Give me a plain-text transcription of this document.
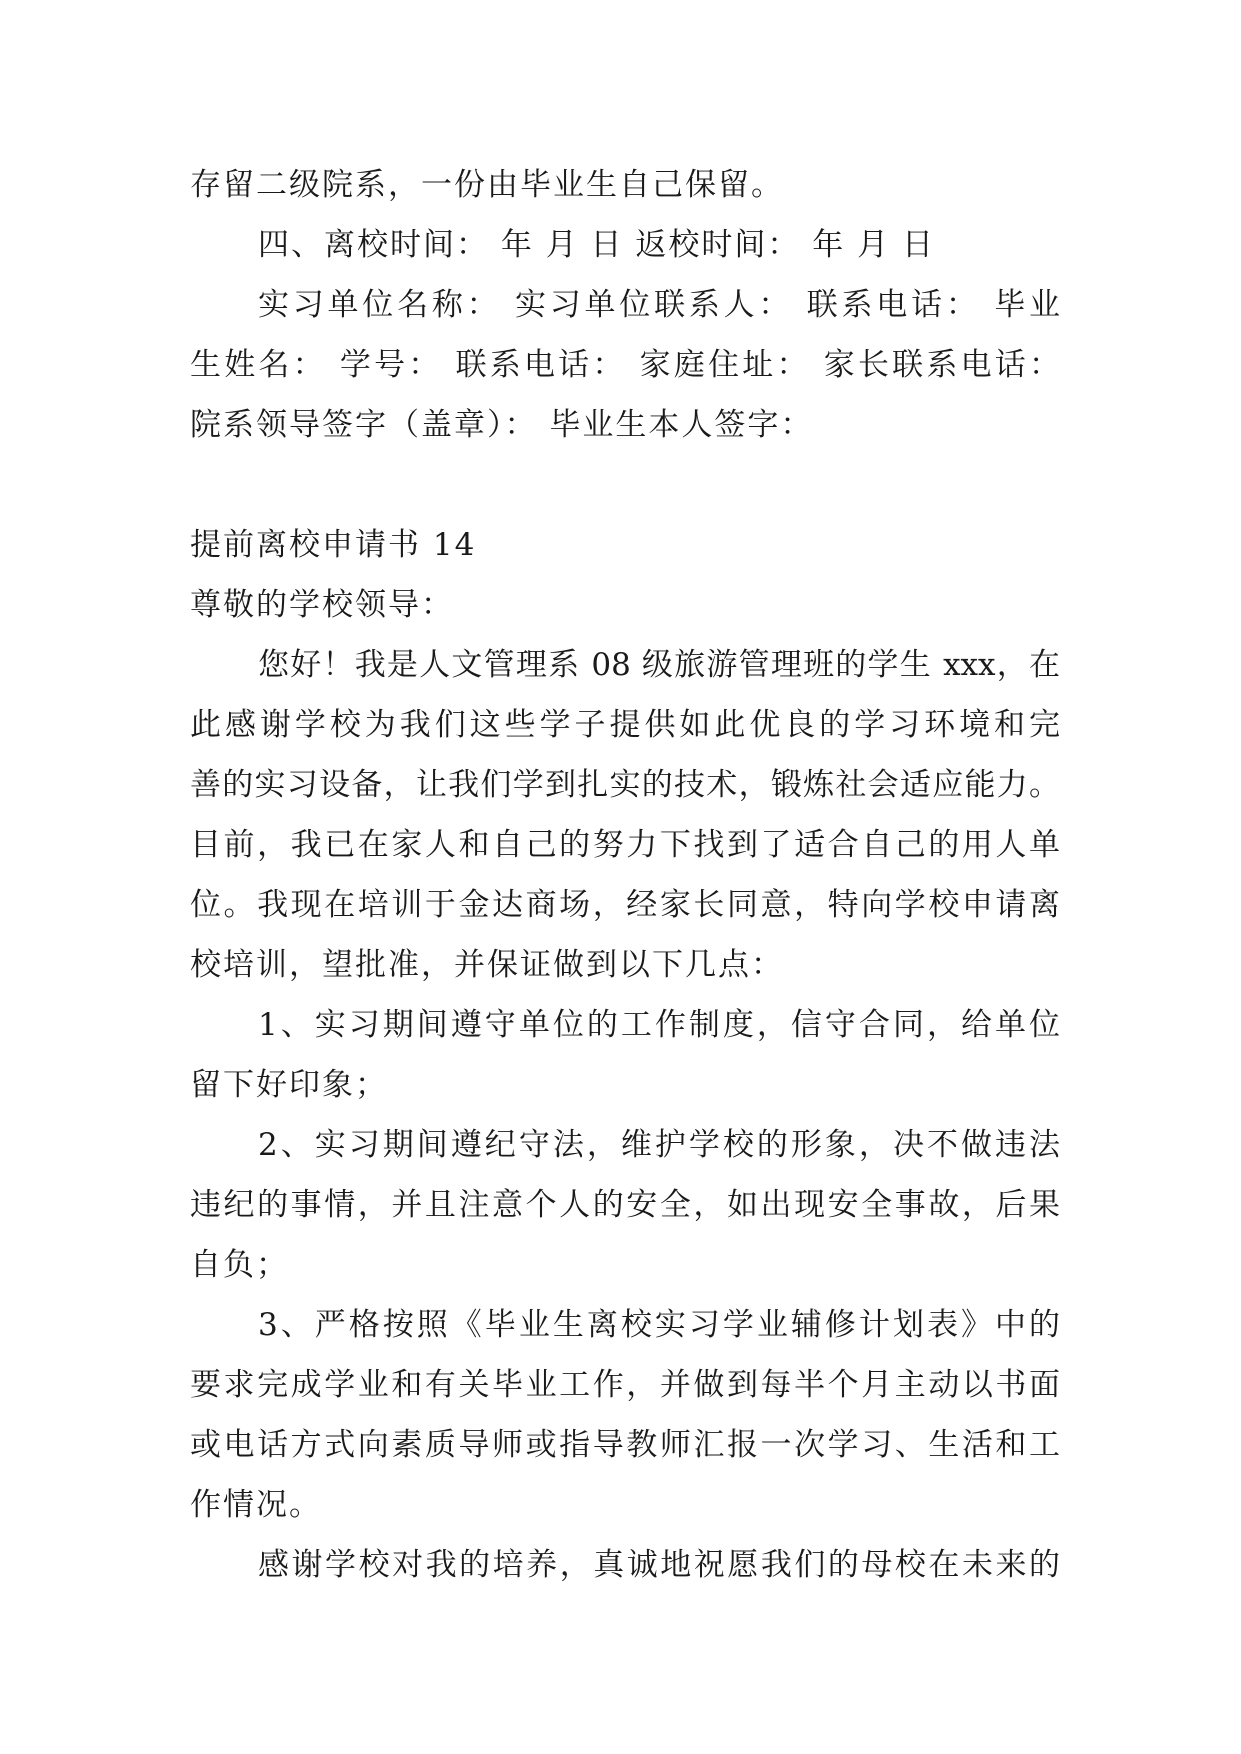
存留二级院系，一份由毕业生自己保留。
四、离校时间： 年 月 日 返校时间： 年 月 日
实习单位名称： 实习单位联系人： 联系电话： 毕业
生姓名： 学号： 联系电话： 家庭住址： 家长联系电话：
院系领导签字（盖章）： 毕业生本人签字：
提前离校申请书 14
尊敬的学校领导：
您好！我是人文管理系 08 级旅游管理班的学生 xxx，在
此感谢学校为我们这些学子提供如此优良的学习环境和完
善的实习设备，让我们学到扎实的技术，锻炼社会适应能力。
目前，我已在家人和自己的努力下找到了适合自己的用人单
位。我现在培训于金达商场，经家长同意，特向学校申请离
校培训，望批准，并保证做到以下几点：
1、实习期间遵守单位的工作制度，信守合同，给单位
留下好印象；
2、实习期间遵纪守法，维护学校的形象，决不做违法
违纪的事情，并且注意个人的安全，如出现安全事故，后果
自负；
3、严格按照《毕业生离校实习学业辅修计划表》中的
要求完成学业和有关毕业工作，并做到每半个月主动以书面
或电话方式向素质导师或指导教师汇报一次学习、生活和工
作情况。
感谢学校对我的培养，真诚地祝愿我们的母校在未来的
